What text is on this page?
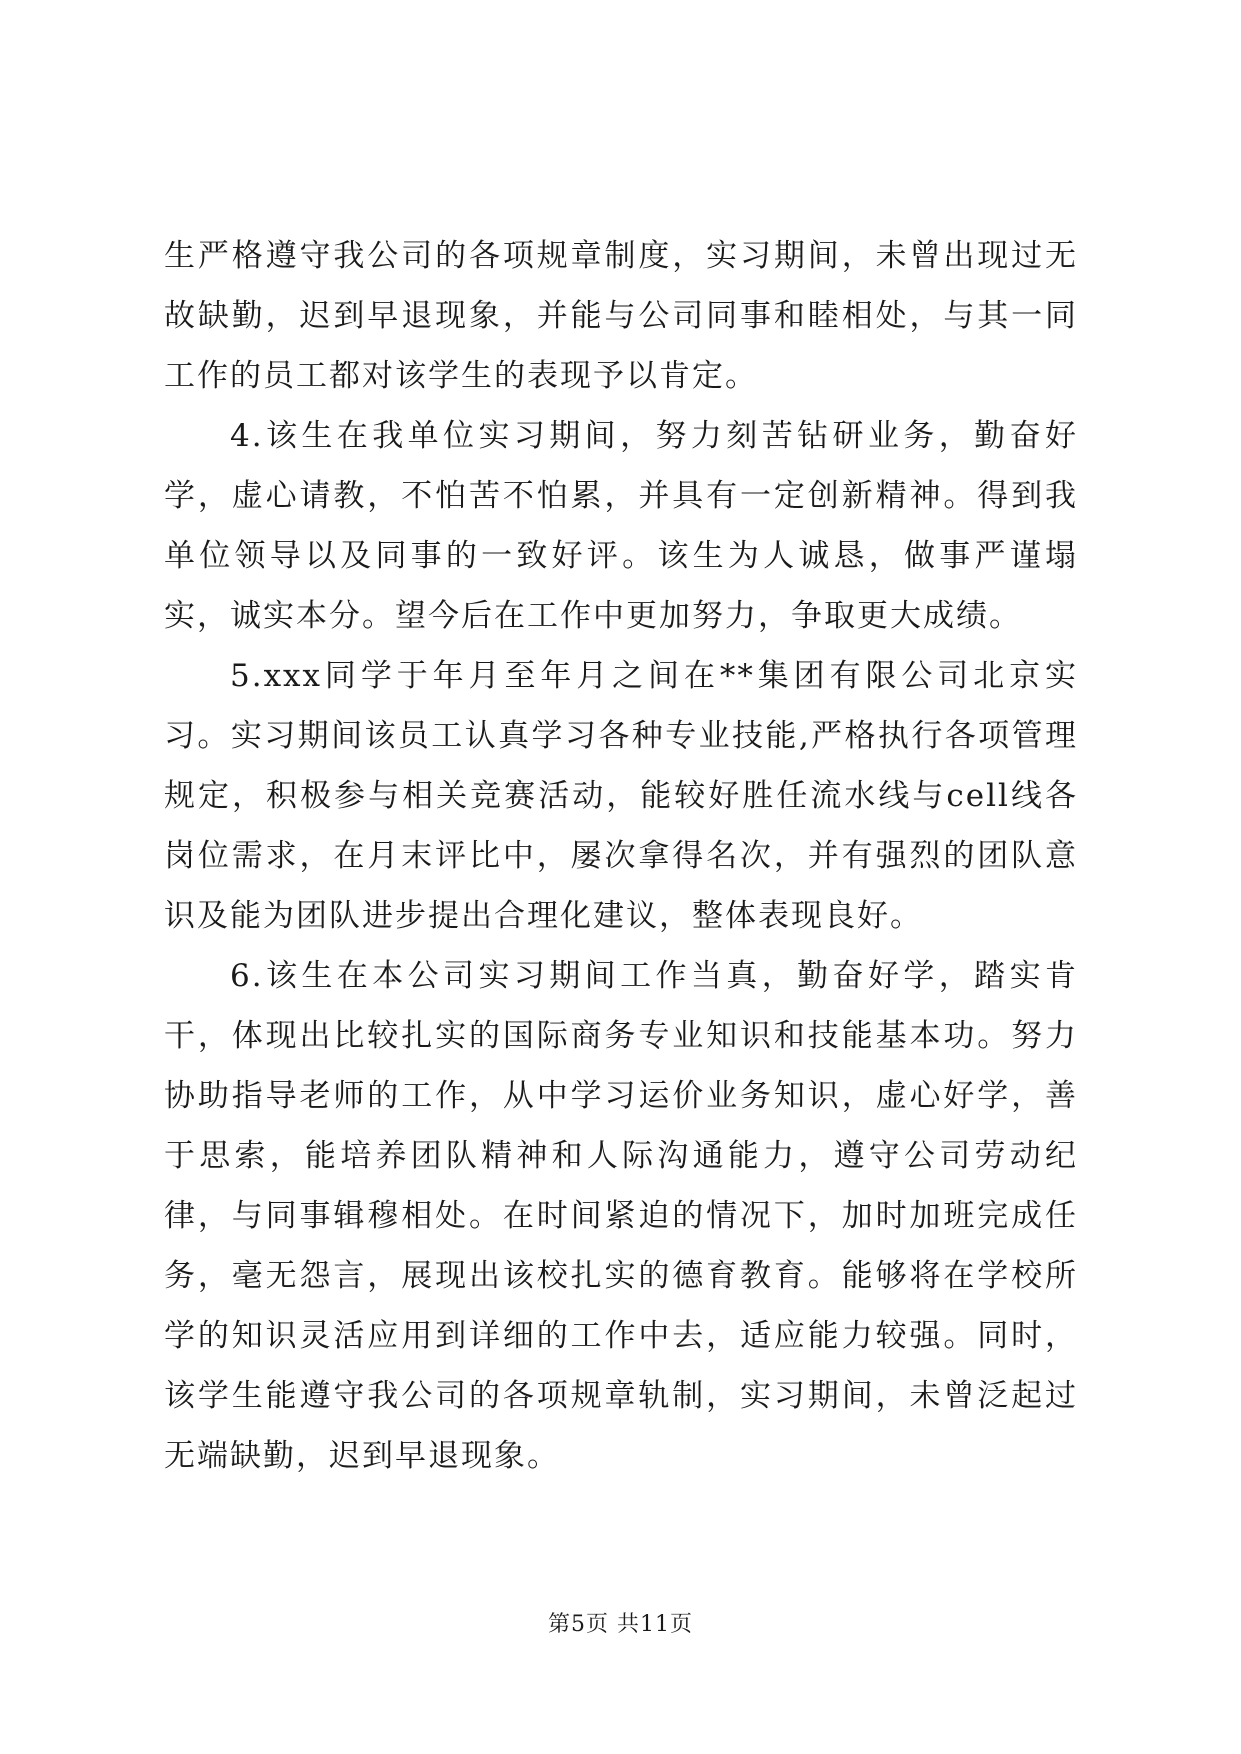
生严格遵守我公司的各项规章制度，实习期间，未曾出现过无故缺勤，迟到早退现象，并能与公司同事和睦相处，与其一同工作的员工都对该学生的表现予以肯定。

4.该生在我单位实习期间，努力刻苦钻研业务，勤奋好学，虚心请教，不怕苦不怕累，并具有一定创新精神。得到我单位领导以及同事的一致好评。该生为人诚恳，做事严谨塌实，诚实本分。望今后在工作中更加努力，争取更大成绩。

5.xxx同学于年月至年月之间在**集团有限公司北京实习。实习期间该员工认真学习各种专业技能,严格执行各项管理规定，积极参与相关竞赛活动，能较好胜任流水线与cell线各岗位需求，在月末评比中，屡次拿得名次，并有强烈的团队意识及能为团队进步提出合理化建议，整体表现良好。

6.该生在本公司实习期间工作当真，勤奋好学，踏实肯干，体现出比较扎实的国际商务专业知识和技能基本功。努力协助指导老师的工作，从中学习运价业务知识，虚心好学，善于思索，能培养团队精神和人际沟通能力，遵守公司劳动纪律，与同事辑穆相处。在时间紧迫的情况下，加时加班完成任务，毫无怨言，展现出该校扎实的德育教育。能够将在学校所学的知识灵活应用到详细的工作中去，适应能力较强。同时，该学生能遵守我公司的各项规章轨制，实习期间，未曾泛起过无端缺勤，迟到早退现象。

第5页 共11页
